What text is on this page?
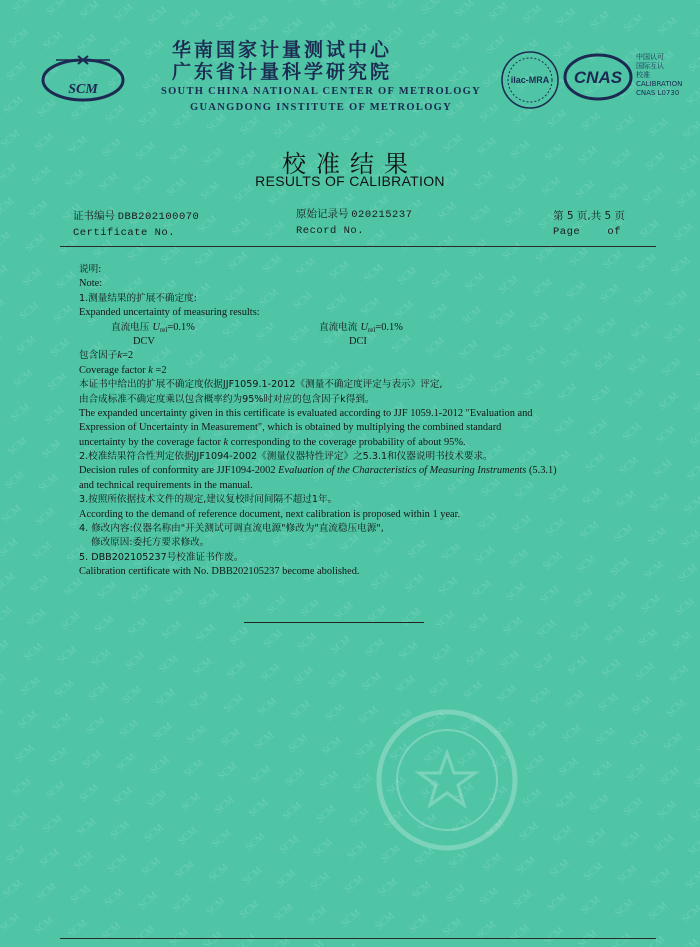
SCM
华南国家计量测试中心
广东省计量科学研究院
SOUTH CHINA NATIONAL CENTER OF METROLOGY
GUANGDONG INSTITUTE OF METROLOGY
ilac-MRA CNAS
中国认可
国际互认
校准
CALIBRATION
CNAS L0730
校准结果
RESULTS OF CALIBRATION
证书编号 DBB202100070
Certificate No.
原始记录号 020215237
Record No.
第 5 页,共 5 页
Page    of
说明:
Note:
1.测量结果的扩展不确定度:
Expanded uncertainty of measuring results:
直流电压 $U_{rel}=0.1\%$	直流电流 $U_{rel}=0.1\%$
DCV	DCI
包含因子k=2
Coverage factor k =2
本证书中给出的扩展不确定度依据JJF1059.1-2012《测量不确定度评定与表示》评定,
由合成标准不确定度乘以包含概率约为95%时对应的包含因子k得到。
The expanded uncertainty given in this certificate is evaluated according to JJF 1059.1-2012 "Evaluation and
Expression of Uncertainty in Measurement", which is obtained by multiplying the combined standard
uncertainty by the coverage factor k corresponding to the coverage probability of about 95%.
2.校准结果符合性判定依据JJF1094-2002《测量仪器特性评定》之5.3.1和仪器说明书技术要求。
Decision rules of conformity are JJF1094-2002 Evaluation of the Characteristics of Measuring Instruments (5.3.1)
and technical requirements in the manual.
3.按照所依据技术文件的规定,建议复校时间间隔不超过1年。
According to the demand of reference document, next calibration is proposed within 1 year.
4. 修改内容:仪器名称由"开关测试可调直流电源"修改为"直流稳压电源",
修改原因:委托方要求修改。
5. DBB202105237号校准证书作废。
Calibration certificate with No. DBB202105237 become abolished.
